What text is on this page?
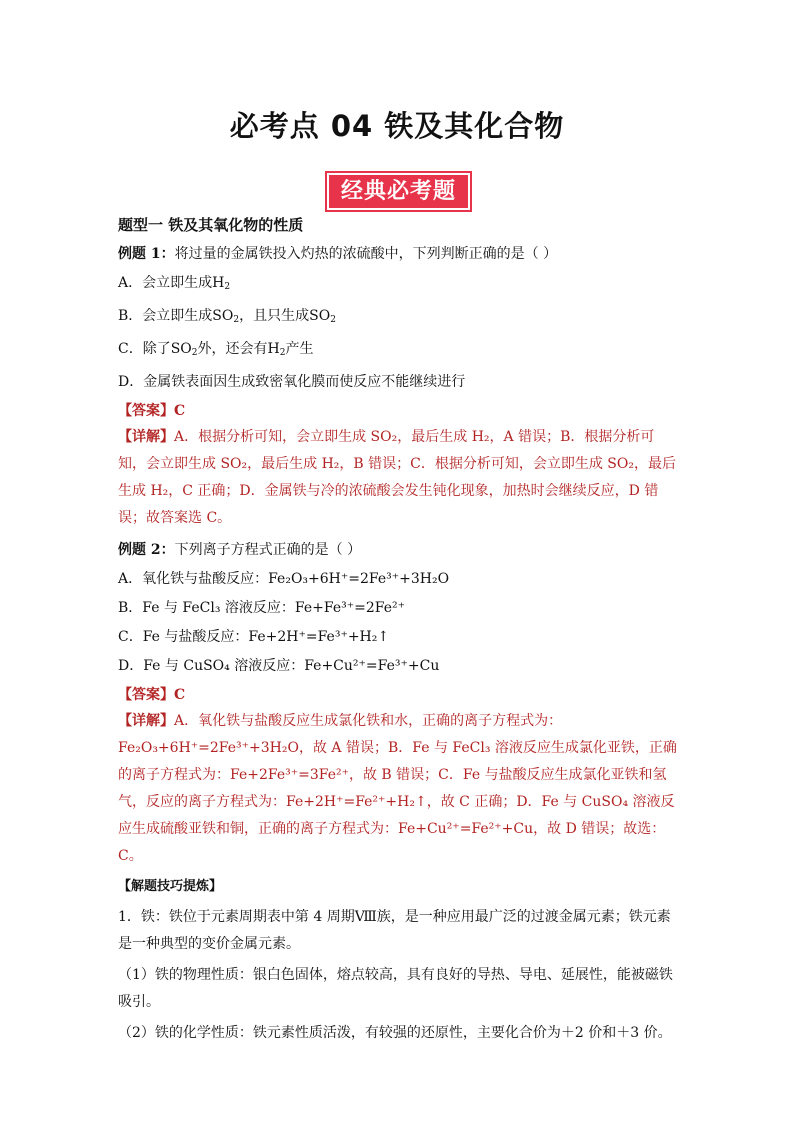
必考点 04 铁及其化合物
经典必考题
题型一 铁及其氧化物的性质
例题 1：将过量的金属铁投入灼热的浓硫酸中，下列判断正确的是（ ）
A．会立即生成$H_2$
B．会立即生成$SO_2$，且只生成$SO_2$
C．除了$SO_2$外，还会有$H_2$产生
D．金属铁表面因生成致密氧化膜而使反应不能继续进行
【答案】C
【详解】A．根据分析可知，会立即生成 SO₂，最后生成 H₂，A 错误；B．根据分析可知，会立即生成 SO₂，最后生成 H₂，B 错误；C．根据分析可知，会立即生成 SO₂，最后生成 H₂，C 正确；D．金属铁与冷的浓硫酸会发生钝化现象，加热时会继续反应，D 错误；故答案选 C。
例题 2：下列离子方程式正确的是（ ）
A．氧化铁与盐酸反应：Fe₂O₃+6H⁺=2Fe³⁺+3H₂O
B．Fe 与 FeCl₃ 溶液反应：Fe+Fe³⁺=2Fe²⁺
C．Fe 与盐酸反应：Fe+2H⁺=Fe³⁺+H₂↑
D．Fe 与 CuSO₄ 溶液反应：Fe+Cu²⁺=Fe³⁺+Cu
【答案】C
【详解】A．氧化铁与盐酸反应生成氯化铁和水，正确的离子方程式为：Fe₂O₃+6H⁺=2Fe³⁺+3H₂O，故 A 错误；B．Fe 与 FeCl₃ 溶液反应生成氯化亚铁，正确的离子方程式为：Fe+2Fe³⁺=3Fe²⁺，故 B 错误；C．Fe 与盐酸反应生成氯化亚铁和氢气，反应的离子方程式为：Fe+2H⁺=Fe²⁺+H₂↑，故 C 正确；D．Fe 与 CuSO₄ 溶液反应生成硫酸亚铁和铜，正确的离子方程式为：Fe+Cu²⁺=Fe²⁺+Cu，故 D 错误；故选：C。
【解题技巧提炼】
1．铁：铁位于元素周期表中第 4 周期Ⅷ族，是一种应用最广泛的过渡金属元素；铁元素是一种典型的变价金属元素。
（1）铁的物理性质：银白色固体，熔点较高，具有良好的导热、导电、延展性，能被磁铁吸引。
（2）铁的化学性质：铁元素性质活泼，有较强的还原性，主要化合价为＋2 价和＋3 价。
